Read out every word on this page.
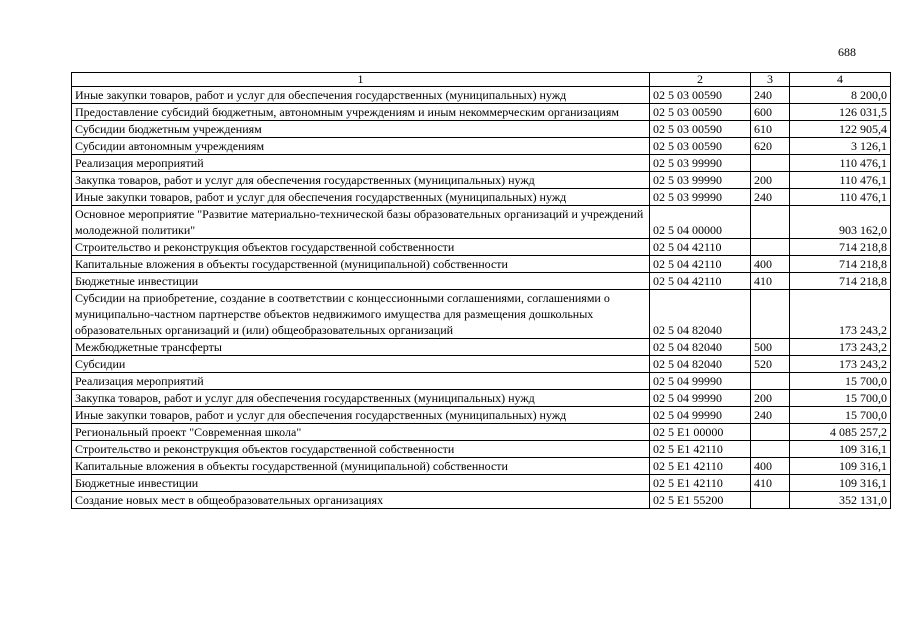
688
1	2	3	4
Иные закупки товаров, работ и услуг для обеспечения государственных (муниципальных) нужд	02 5 03 00590	240	8 200,0
Предоставление субсидий бюджетным, автономным учреждениям и иным некоммерческим организациям	02 5 03 00590	600	126 031,5
Субсидии бюджетным учреждениям	02 5 03 00590	610	122 905,4
Субсидии автономным учреждениям	02 5 03 00590	620	3 126,1
Реализация мероприятий	02 5 03 99990		110 476,1
Закупка товаров, работ и услуг для обеспечения государственных (муниципальных) нужд	02 5 03 99990	200	110 476,1
Иные закупки товаров, работ и услуг для обеспечения государственных (муниципальных) нужд	02 5 03 99990	240	110 476,1
Основное мероприятие "Развитие материально-технической базы образовательных организаций и учреждений молодежной политики"	02 5 04 00000		903 162,0
Строительство и реконструкция объектов государственной собственности	02 5 04 42110		714 218,8
Капитальные вложения в объекты государственной (муниципальной) собственности	02 5 04 42110	400	714 218,8
Бюджетные инвестиции	02 5 04 42110	410	714 218,8
Субсидии на приобретение, создание в соответствии с концессионными соглашениями, соглашениями о муниципально-частном партнерстве объектов недвижимого имущества для размещения дошкольных образовательных организаций и (или) общеобразовательных организаций	02 5 04 82040		173 243,2
Межбюджетные трансферты	02 5 04 82040	500	173 243,2
Субсидии	02 5 04 82040	520	173 243,2
Реализация мероприятий	02 5 04 99990		15 700,0
Закупка товаров, работ и услуг для обеспечения государственных (муниципальных) нужд	02 5 04 99990	200	15 700,0
Иные закупки товаров, работ и услуг для обеспечения государственных (муниципальных) нужд	02 5 04 99990	240	15 700,0
Региональный проект "Современная школа"	02 5 E1 00000		4 085 257,2
Строительство и реконструкция объектов государственной собственности	02 5 E1 42110		109 316,1
Капитальные вложения в объекты государственной (муниципальной) собственности	02 5 E1 42110	400	109 316,1
Бюджетные инвестиции	02 5 E1 42110	410	109 316,1
Создание новых мест в общеобразовательных организациях	02 5 E1 55200		352 131,0
